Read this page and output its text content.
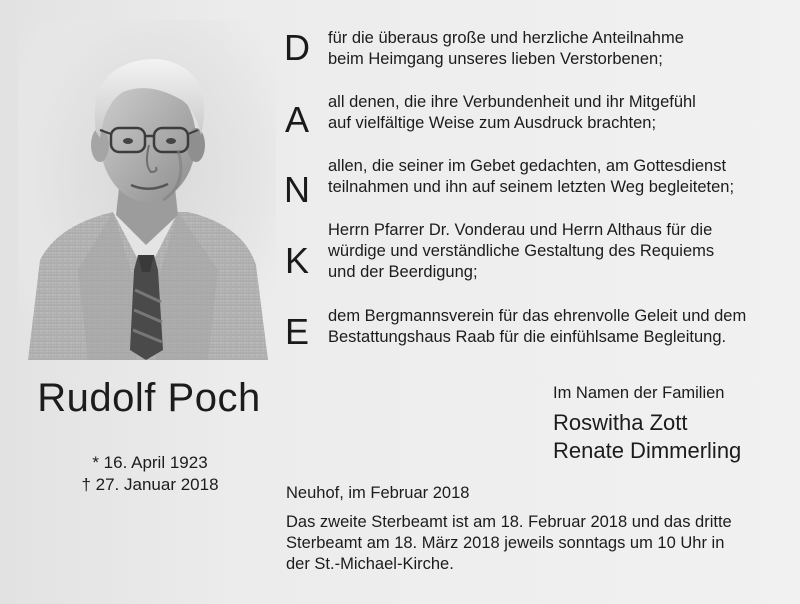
Rudolf Poch
* 16. April 1923
† 27. Januar 2018
D
A
N
K
E
für die überaus große und herzliche Anteilnahme
beim Heimgang unseres lieben Verstorbenen;
all denen, die ihre Verbundenheit und ihr Mitgefühl
auf vielfältige Weise zum Ausdruck brachten;
allen, die seiner im Gebet gedachten, am Gottesdienst
teilnahmen und ihn auf seinem letzten Weg begleiteten;
Herrn Pfarrer Dr. Vonderau und Herrn Althaus für die
würdige und verständliche Gestaltung des Requiems
und der Beerdigung;
dem Bergmannsverein für das ehrenvolle Geleit und dem
Bestattungshaus Raab für die einfühlsame Begleitung.
Im Namen der Familien
Roswitha Zott
Renate Dimmerling
Neuhof, im Februar 2018
Das zweite Sterbeamt ist am 18. Februar 2018 und das dritte
Sterbeamt am 18. März 2018 jeweils sonntags um 10 Uhr in
der St.-Michael-Kirche.
